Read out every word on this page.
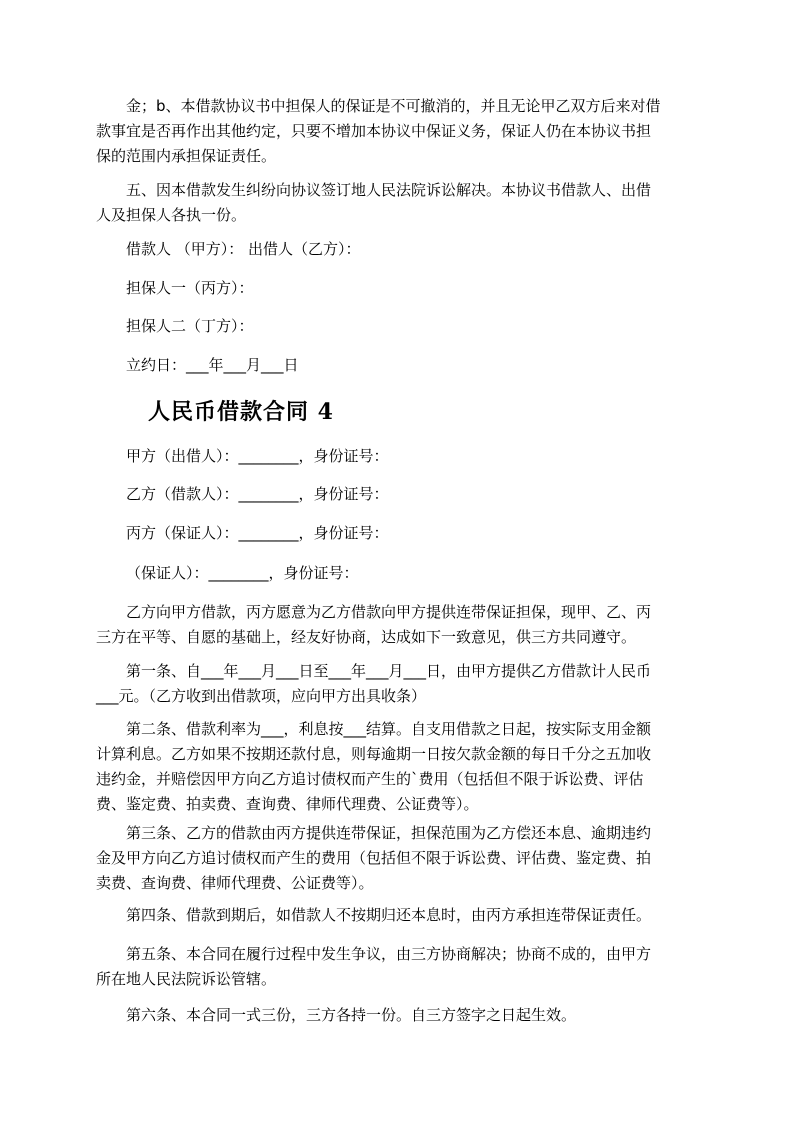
金；b、本借款协议书中担保人的保证是不可撤消的，并且无论甲乙双方后来对借
款事宜是否再作出其他约定，只要不增加本协议中保证义务，保证人仍在本协议书担
保的范围内承担保证责任。
五、因本借款发生纠纷向协议签订地人民法院诉讼解决。本协议书借款人、出借
人及担保人各执一份。
借款人 （甲方）： 出借人（乙方）：
担保人一（丙方）：
担保人二（丁方）：
立约日：___年___月___日
人民币借款合同 4
甲方（出借人）：________，身份证号：
乙方（借款人）：________，身份证号：
丙方（保证人）：________，身份证号：
（保证人）：________，身份证号：
乙方向甲方借款，丙方愿意为乙方借款向甲方提供连带保证担保，现甲、乙、丙
三方在平等、自愿的基础上，经友好协商，达成如下一致意见，供三方共同遵守。
第一条、自___年___月___日至___年___月___日，由甲方提供乙方借款计人民币
___元。（乙方收到出借款项，应向甲方出具收条）
第二条、借款利率为___，利息按___结算。自支用借款之日起，按实际支用金额
计算利息。乙方如果不按期还款付息，则每逾期一日按欠款金额的每日千分之五加收
违约金，并赔偿因甲方向乙方追讨债权而产生的`费用（包括但不限于诉讼费、评估
费、鉴定费、拍卖费、查询费、律师代理费、公证费等）。
第三条、乙方的借款由丙方提供连带保证，担保范围为乙方偿还本息、逾期违约
金及甲方向乙方追讨债权而产生的费用（包括但不限于诉讼费、评估费、鉴定费、拍
卖费、查询费、律师代理费、公证费等）。
第四条、借款到期后，如借款人不按期归还本息时，由丙方承担连带保证责任。
第五条、本合同在履行过程中发生争议，由三方协商解决；协商不成的，由甲方
所在地人民法院诉讼管辖。
第六条、本合同一式三份，三方各持一份。自三方签字之日起生效。
